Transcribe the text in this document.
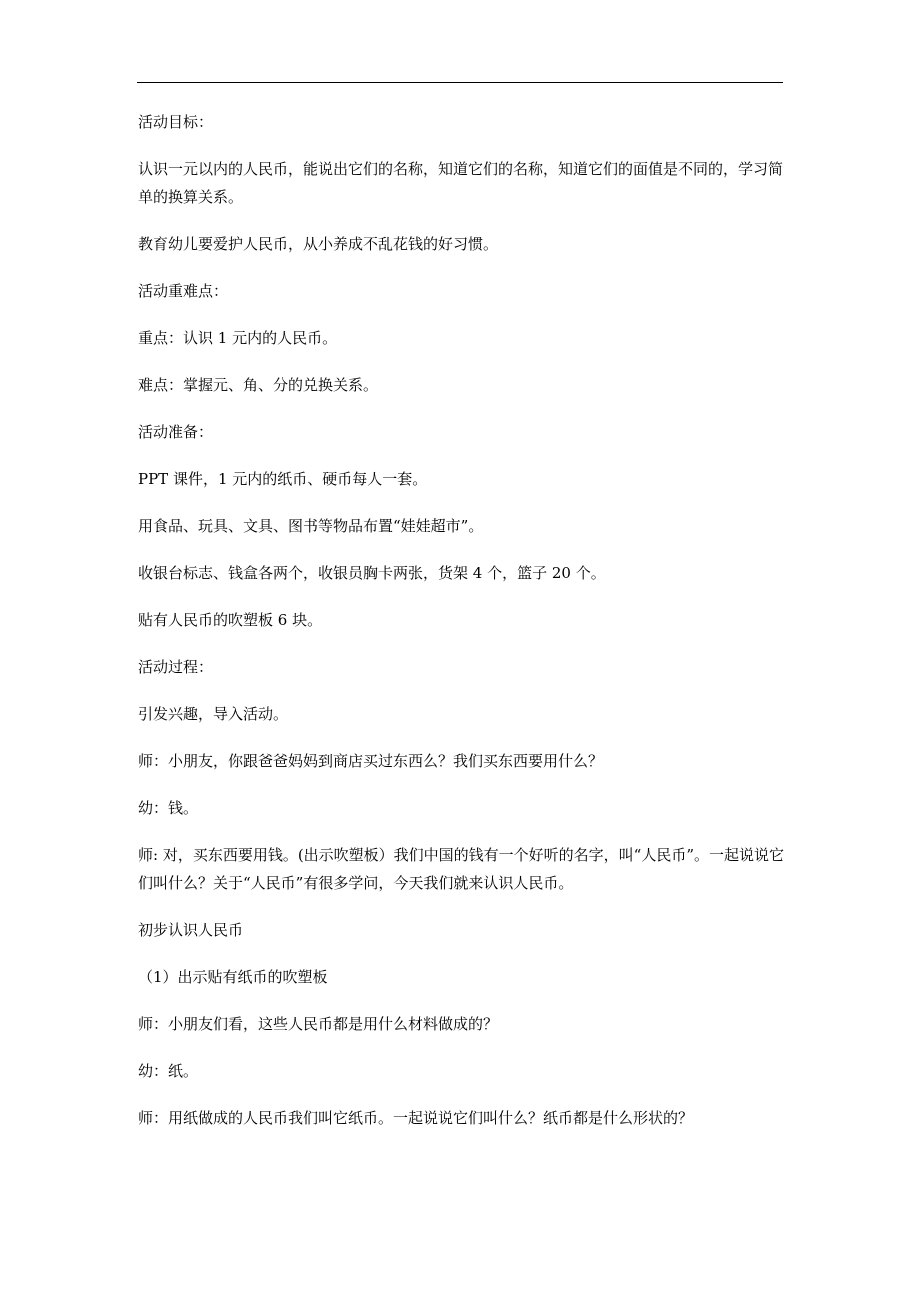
活动目标：

认识一元以内的人民币，能说出它们的名称，知道它们的名称，知道它们的面值是不同的，学习简单的换算关系。

教育幼儿要爱护人民币，从小养成不乱花钱的好习惯。

活动重难点：

重点：认识 1 元内的人民币。

难点：掌握元、角、分的兑换关系。

活动准备：

PPT 课件，1 元内的纸币、硬币每人一套。

用食品、玩具、文具、图书等物品布置“娃娃超市”。

收银台标志、钱盒各两个，收银员胸卡两张，货架 4 个，篮子 20 个。

贴有人民币的吹塑板 6 块。

活动过程：

引发兴趣，导入活动。

师：小朋友，你跟爸爸妈妈到商店买过东西么？我们买东西要用什么？

幼：钱。

师: 对，买东西要用钱。(出示吹塑板）我们中国的钱有一个好听的名字，叫“人民币”。一起说说它们叫什么？关于“人民币”有很多学问，今天我们就来认识人民币。

初步认识人民币

（1）出示贴有纸币的吹塑板

师：小朋友们看，这些人民币都是用什么材料做成的？

幼：纸。

师：用纸做成的人民币我们叫它纸币。一起说说它们叫什么？纸币都是什么形状的？
